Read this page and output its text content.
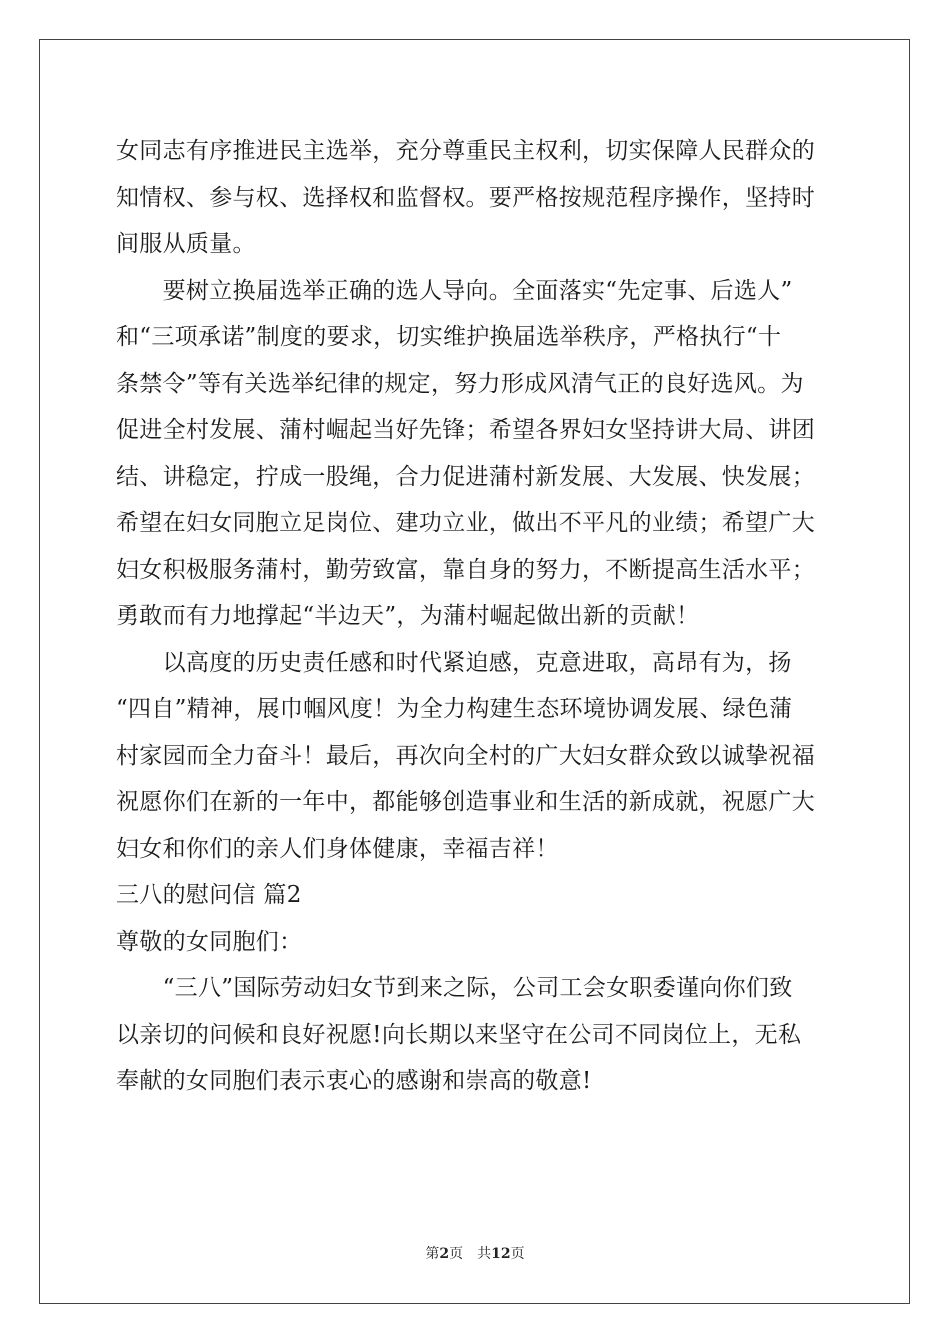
女同志有序推进民主选举，充分尊重民主权利，切实保障人民群众的
知情权、参与权、选择权和监督权。要严格按规范程序操作，坚持时
间服从质量。
　　要树立换届选举正确的选人导向。全面落实“先定事、后选人”
和“三项承诺”制度的要求，切实维护换届选举秩序，严格执行“十
条禁令”等有关选举纪律的规定，努力形成风清气正的良好选风。为
促进全村发展、蒲村崛起当好先锋；希望各界妇女坚持讲大局、讲团
结、讲稳定，拧成一股绳，合力促进蒲村新发展、大发展、快发展；
希望在妇女同胞立足岗位、建功立业，做出不平凡的业绩；希望广大
妇女积极服务蒲村，勤劳致富，靠自身的努力，不断提高生活水平；
勇敢而有力地撑起“半边天”，为蒲村崛起做出新的贡献！
　　以高度的历史责任感和时代紧迫感，克意进取，高昂有为，扬
“四自”精神，展巾帼风度！为全力构建生态环境协调发展、绿色蒲
村家园而全力奋斗！最后，再次向全村的广大妇女群众致以诚挚祝福
祝愿你们在新的一年中，都能够创造事业和生活的新成就，祝愿广大
妇女和你们的亲人们身体健康，幸福吉祥！
三八的慰问信 篇2
尊敬的女同胞们：
　　“三八”国际劳动妇女节到来之际，公司工会女职委谨向你们致
以亲切的问候和良好祝愿!向长期以来坚守在公司不同岗位上，无私
奉献的女同胞们表示衷心的感谢和崇高的敬意!
第2页 共12页
